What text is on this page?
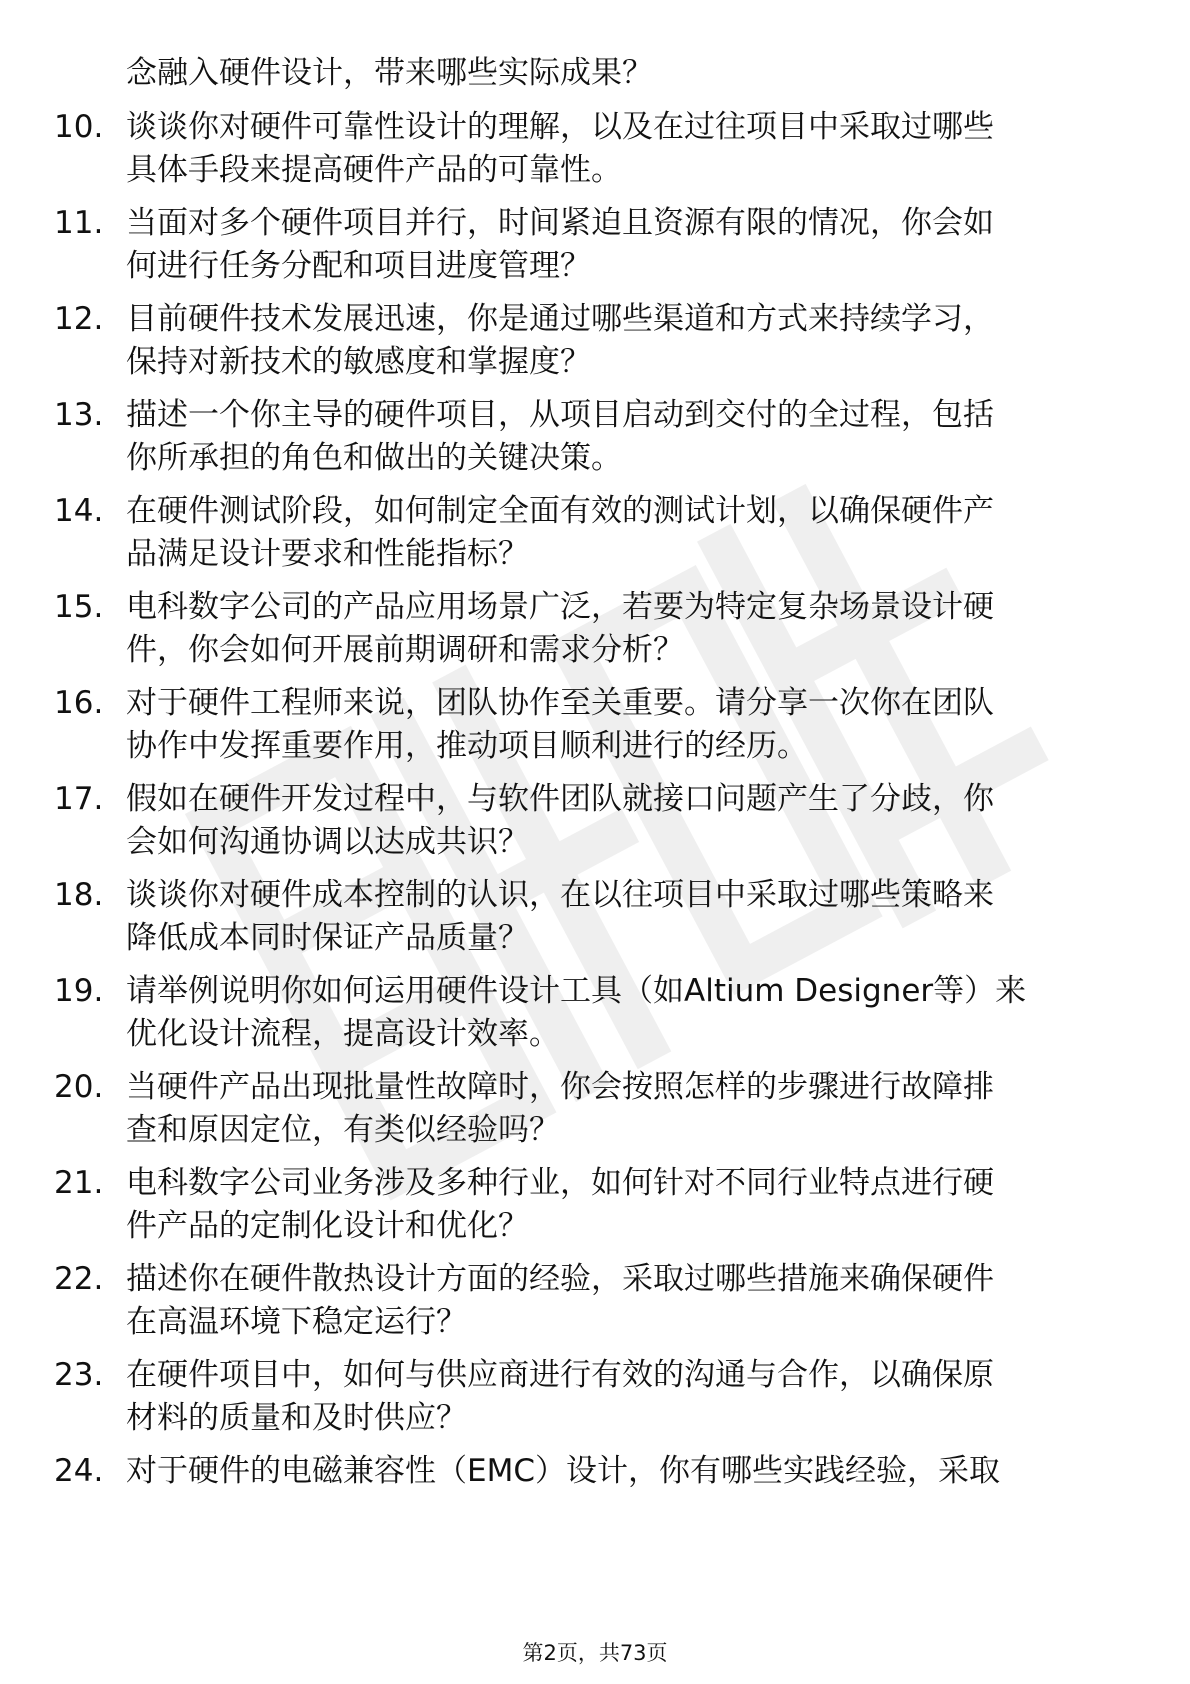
念融入硬件设计，带来哪些实际成果？
10. 谈谈你对硬件可靠性设计的理解，以及在过往项目中采取过哪些
具体手段来提高硬件产品的可靠性。
11. 当面对多个硬件项目并行，时间紧迫且资源有限的情况，你会如
何进行任务分配和项目进度管理？
12. 目前硬件技术发展迅速，你是通过哪些渠道和方式来持续学习，
保持对新技术的敏感度和掌握度？
13. 描述一个你主导的硬件项目，从项目启动到交付的全过程，包括
你所承担的角色和做出的关键决策。
14. 在硬件测试阶段，如何制定全面有效的测试计划，以确保硬件产
品满足设计要求和性能指标？
15. 电科数字公司的产品应用场景广泛，若要为特定复杂场景设计硬
件，你会如何开展前期调研和需求分析？
16. 对于硬件工程师来说，团队协作至关重要。请分享一次你在团队
协作中发挥重要作用，推动项目顺利进行的经历。
17. 假如在硬件开发过程中，与软件团队就接口问题产生了分歧，你
会如何沟通协调以达成共识？
18. 谈谈你对硬件成本控制的认识，在以往项目中采取过哪些策略来
降低成本同时保证产品质量？
19. 请举例说明你如何运用硬件设计工具（如Altium Designer等）来
优化设计流程，提高设计效率。
20. 当硬件产品出现批量性故障时，你会按照怎样的步骤进行故障排
查和原因定位，有类似经验吗？
21. 电科数字公司业务涉及多种行业，如何针对不同行业特点进行硬
件产品的定制化设计和优化？
22. 描述你在硬件散热设计方面的经验，采取过哪些措施来确保硬件
在高温环境下稳定运行？
23. 在硬件项目中，如何与供应商进行有效的沟通与合作，以确保原
材料的质量和及时供应？
24. 对于硬件的电磁兼容性（EMC）设计，你有哪些实践经验，采取
第2页，共73页
